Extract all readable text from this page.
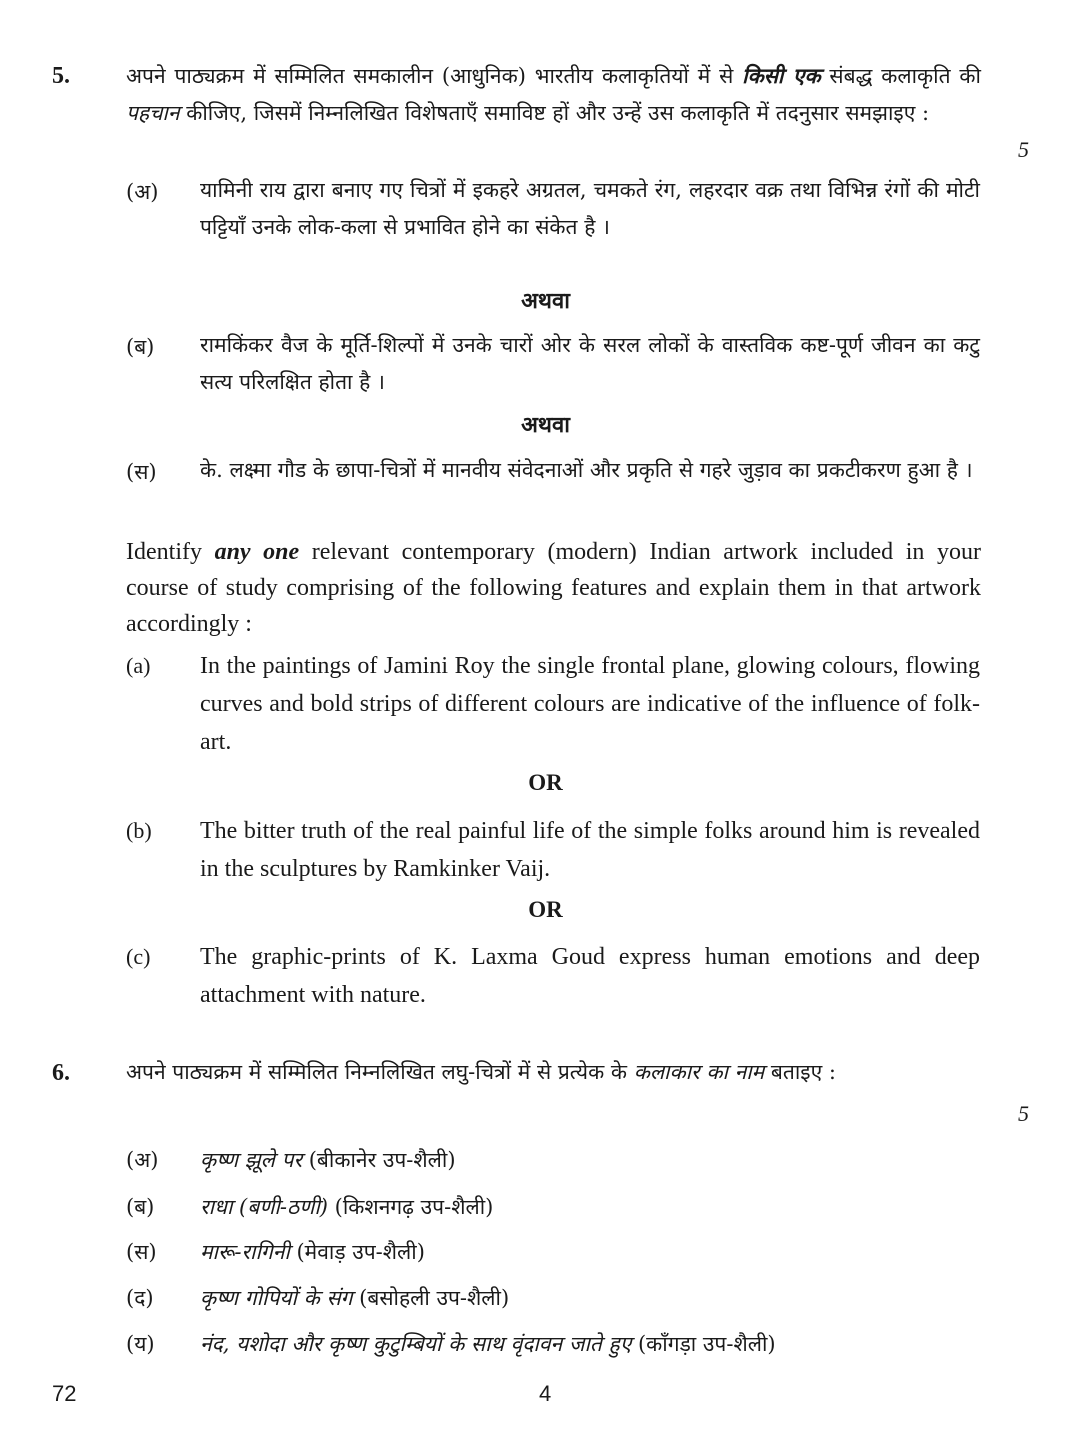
5.	अपने पाठ्यक्रम में सम्मिलित समकालीन (आधुनिक) भारतीय कलाकृतियों में से किसी एक संबद्ध कलाकृति की पहचान कीजिए, जिसमें निम्नलिखित विशेषताएँ समाविष्ट हों और उन्हें उस कलाकृति में तदनुसार समझाइए :
5
(अ) यामिनी राय द्वारा बनाए गए चित्रों में इकहरे अग्रतल, चमकते रंग, लहरदार वक्र तथा विभिन्न रंगों की मोटी पट्टियाँ उनके लोक-कला से प्रभावित होने का संकेत है ।
अथवा
(ब) रामकिंकर वैज के मूर्ति-शिल्पों में उनके चारों ओर के सरल लोकों के वास्तविक कष्ट-पूर्ण जीवन का कटु सत्य परिलक्षित होता है ।
अथवा
(स) के. लक्ष्मा गौड के छापा-चित्रों में मानवीय संवेदनाओं और प्रकृति से गहरे जुड़ाव का प्रकटीकरण हुआ है ।
Identify any one relevant contemporary (modern) Indian artwork included in your course of study comprising of the following features and explain them in that artwork accordingly :
(a) In the paintings of Jamini Roy the single frontal plane, glowing colours, flowing curves and bold strips of different colours are indicative of the influence of folk-art.
OR
(b) The bitter truth of the real painful life of the simple folks around him is revealed in the sculptures by Ramkinker Vaij.
OR
(c) The graphic-prints of K. Laxma Goud express human emotions and deep attachment with nature.
6.	अपने पाठ्यक्रम में सम्मिलित निम्नलिखित लघु-चित्रों में से प्रत्येक के कलाकार का नाम बताइए :
5
(अ) कृष्ण झूले पर (बीकानेर उप-शैली)
(ब) राधा (बणी-ठणी) (किशनगढ़ उप-शैली)
(स) मारू-रागिनी (मेवाड़ उप-शैली)
(द) कृष्ण गोपियों के संग (बसोहली उप-शैली)
(य) नंद, यशोदा और कृष्ण कुटुम्बियों के साथ वृंदावन जाते हुए (काँगड़ा उप-शैली)
72	4
